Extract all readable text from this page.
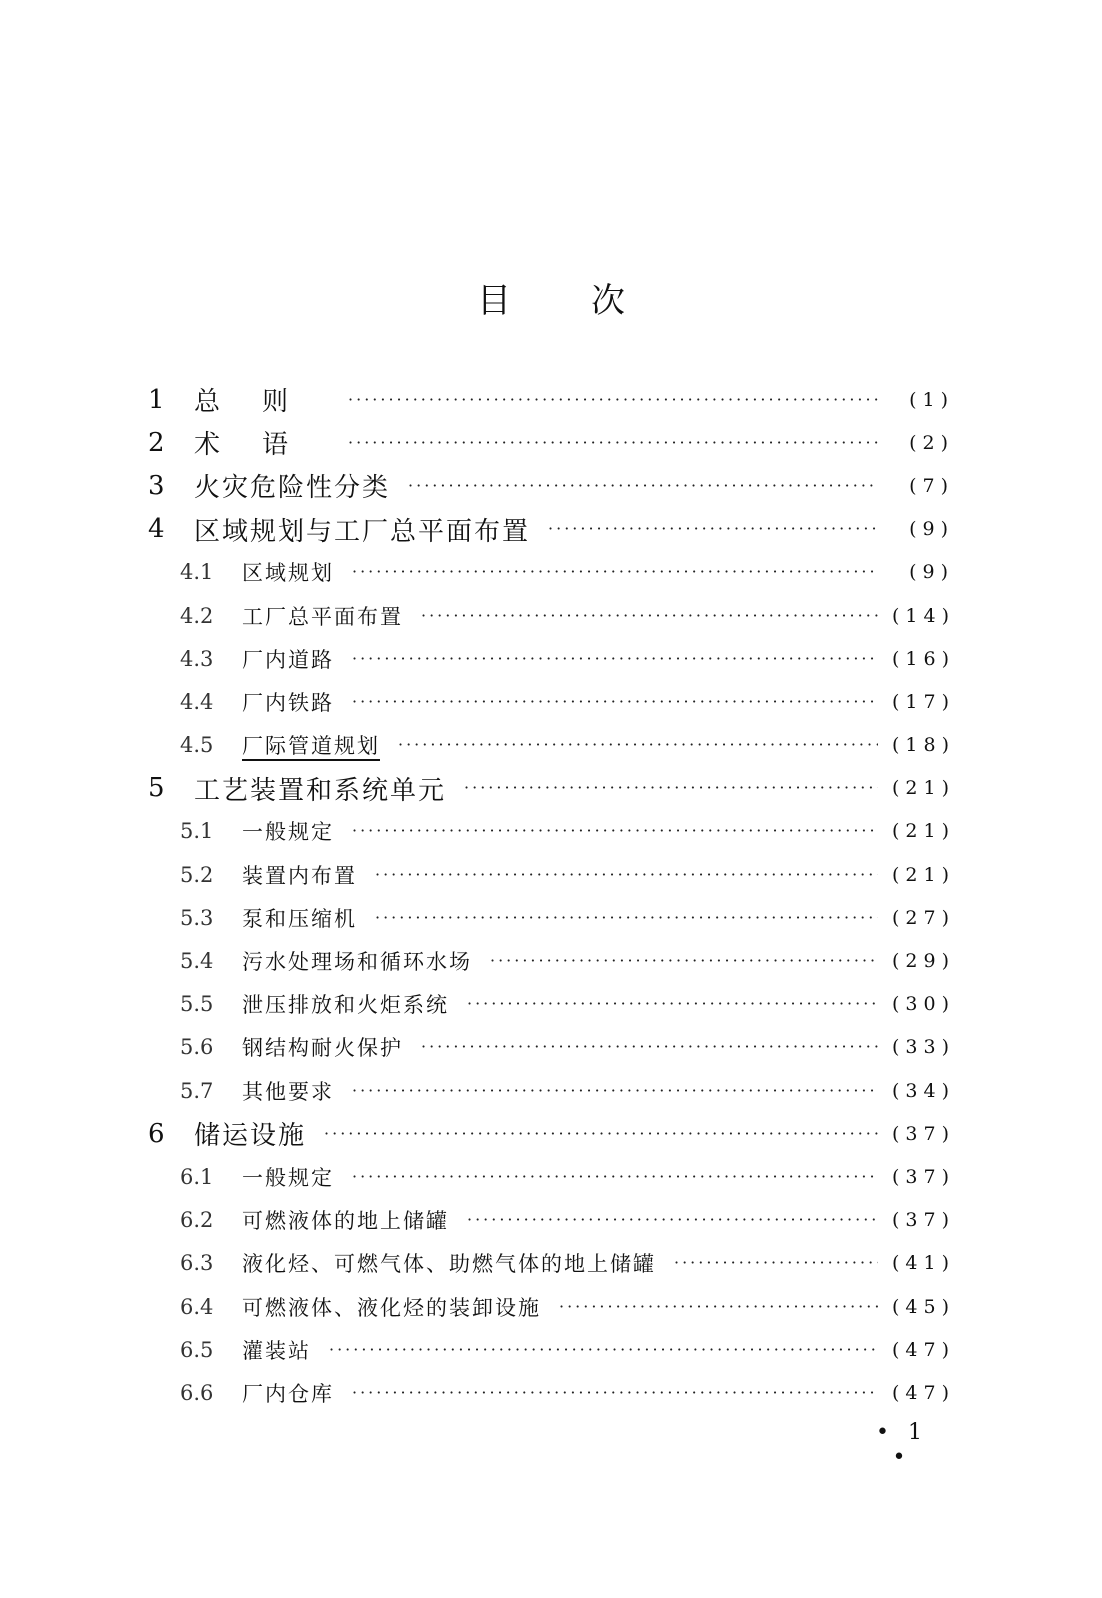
目次
1	总则 ·····	(1)
2	术语 ·····	(2)
3	火灾危险性分类 ·····	(7)
4	区域规划与工厂总平面布置 ·····	(9)
4.1	区域规划 ·····	(9)
4.2	工厂总平面布置 ·····	(14)
4.3	厂内道路 ·····	(16)
4.4	厂内铁路 ·····	(17)
4.5	厂际管道规划 ·····	(18)
5	工艺装置和系统单元 ·····	(21)
5.1	一般规定 ·····	(21)
5.2	装置内布置 ·····	(21)
5.3	泵和压缩机 ·····	(27)
5.4	污水处理场和循环水场 ·····	(29)
5.5	泄压排放和火炬系统 ·····	(30)
5.6	钢结构耐火保护 ·····	(33)
5.7	其他要求 ·····	(34)
6	储运设施 ·····	(37)
6.1	一般规定 ·····	(37)
6.2	可燃液体的地上储罐 ·····	(37)
6.3	液化烃、可燃气体、助燃气体的地上储罐 ·····	(41)
6.4	可燃液体、液化烃的装卸设施 ·····	(45)
6.5	灌装站 ·····	(47)
6.6	厂内仓库 ·····	(47)
• 1 •
